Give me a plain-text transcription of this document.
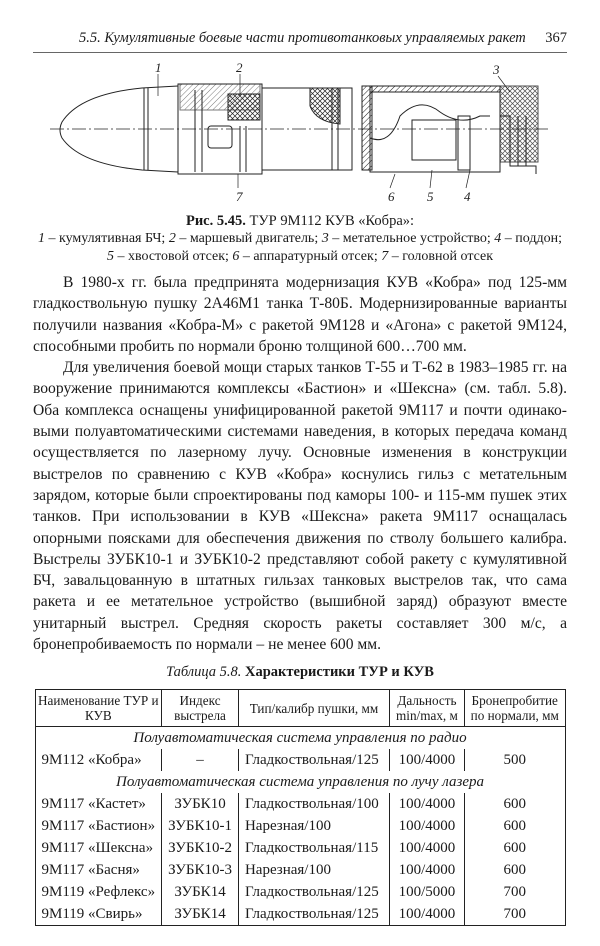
5.5. Кумулятивные боевые части противотанковых управляемых ракет 367
1	2	3
4
5
6
7
Рис. 5.45. ТУР 9М112 КУВ «Кобра»:
1 – кумулятивная БЧ; 2 – маршевый двигатель; 3 – метательное устройство; 4 – поддон;
5 – хвостовой отсек; 6 – аппаратурный отсек; 7 – головной отсек

В 1980-х гг. была предпринята модернизация КУВ «Кобра» под 125-мм гладкоствольную пушку 2А46М1 танка Т-80Б. Модернизированные варианты получили названия «Кобра-М» с ракетой 9М128 и «Агона» с ракетой 9М124, способными пробить по нормали броню толщиной 600…700 мм.

Для увеличения боевой мощи старых танков Т-55 и Т-62 в 1983–1985 гг. на вооружение принимаются комплексы «Бастион» и «Шексна» (см. табл. 5.8). Оба комплекса оснащены унифицированной ракетой 9М117 и почти одинаковыми полуавтоматическими системами наведения, в которых передача команд осуществляется по лазерному лучу. Основные изменения в конструкции выстрелов по сравнению с КУВ «Кобра» коснулись гильз с метательным зарядом, которые были спроектированы под каморы 100- и 115-мм пушек этих танков. При использовании в КУВ «Шексна» ракета 9М117 оснащалась опорными поясками для обеспечения движения по стволу большего калибра. Выстрелы ЗУБК10-1 и ЗУБК10-2 представляют собой ракету с кумулятивной БЧ, завальцованную в штатных гильзах танковых выстрелов так, что сама ракета и ее метательное устройство (вышибной заряд) образуют вместе унитарный выстрел. Средняя скорость ракеты составляет 300 м/с, а бронепробиваемость по нормали – не менее 600 мм.

Таблица 5.8. Характеристики ТУР и КУВ
Наименование ТУР и КУВ	Индекс выстрела	Тип/калибр пушки, мм	Дальность min/max, м	Бронепробитие по нормали, мм
Полуавтоматическая система управления по радио				
9М112 «Кобра»	–	Гладкоствольная/125	100/4000	500
Полуавтоматическая система управления по лучу лазера				
9М117 «Кастет»	ЗУБК10	Гладкоствольная/100	100/4000	600
9М117 «Бастион»	ЗУБК10-1	Нарезная/100	100/4000	600
9М117 «Шексна»	ЗУБК10-2	Гладкоствольная/115	100/4000	600
9М117 «Басня»	ЗУБК10-3	Нарезная/100	100/4000	600
9М119 «Рефлекс»	ЗУБК14	Гладкоствольная/125	100/5000	700
9М119 «Свирь»	ЗУБК14	Гладкоствольная/125	100/4000	700
